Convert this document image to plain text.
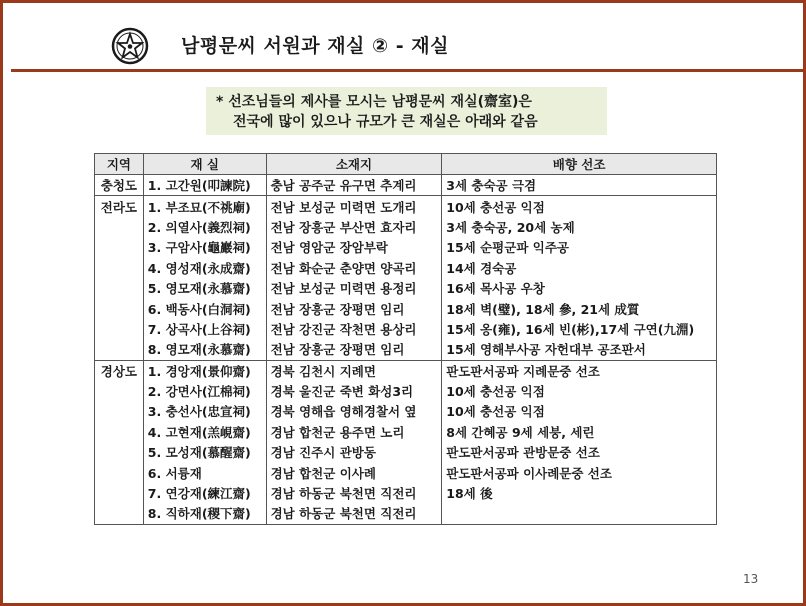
남평문씨 서원과 재실 ② - 재실
* 선조님들의 제사를 모시는 남평문씨 재실(齋室)은
전국에 많이 있으나 규모가 큰 재실은 아래와 같음
지역	재 실	소재지	배향 선조
충청도	1. 고간원(叩諫院)	충남 공주군 유구면 추계리	3세 충숙공 극겸
전라도	1. 부조묘(不祧廟)	전남 보성군 미력면 도개리	10세 충선공 익점
	2. 의열사(義烈祠)	전남 장흥군 부산면 효자리	3세 충숙공, 20세 농제
	3. 구암사(龜巖祠)	전남 영암군 장암부락	15세 순평군파 익주공
	4. 영성재(永成齋)	전남 화순군 춘양면 양곡리	14세 경숙공
	5. 영모재(永慕齋)	전남 보성군 미력면 용정리	16세 목사공 우창
	6. 백동사(白洞祠)	전남 장흥군 장평면 임리	18세 벽(璧), 18세 參, 21세 成質
	7. 상곡사(上谷祠)	전남 강진군 작천면 용상리	15세 옹(雍), 16세 빈(彬),17세 구연(九淵)
	8. 영모재(永慕齋)	전남 장흥군 장평면 임리	15세 영해부사공 자헌대부 공조판서
경상도	1. 경앙재(景仰齋)	경북 김천시 지례면	판도판서공파 지례문중 선조
	2. 강면사(江棉祠)	경북 울진군 죽변 화성3리	10세 충선공 익점
	3. 충선사(忠宣祠)	경북 영해읍 영해경찰서 옆	10세 충선공 익점
	4. 고현재(羔峴齋)	경남 합천군 용주면 노리	8세 간혜공 9세 세붕, 세린
	5. 모성재(慕醒齋)	경남 진주시 관방동	판도판서공파 관방문중 선조
	6. 서륭재	경남 합천군 이사례	판도판서공파 이사례문중 선조
	7. 연강재(練江齋)	경남 하동군 북천면 직전리	18세 後
	8. 직하재(稷下齋)	경남 하동군 북천면 직전리	
13
